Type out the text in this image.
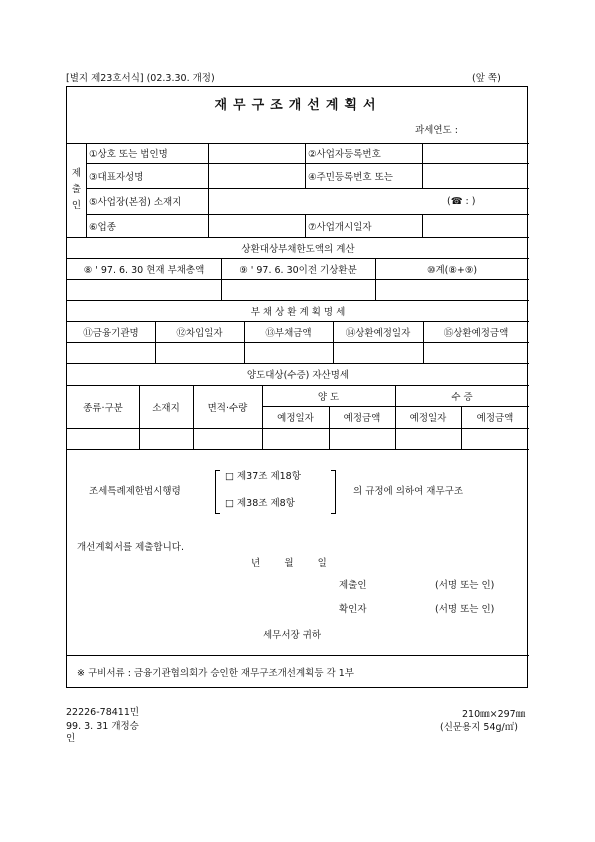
[별지 제23호서식] (02.3.30. 개정)	(앞 쪽)
재무구조개선계획서
과세연도 :
제출인
①상호 또는 법인명	②사업자등록번호
③대표자성명	④주민등록번호 또는
⑤사업장(본점) 소재지	(☎ : )
⑥업종	⑦사업개시일자
상환대상부채한도액의 계산
⑧ ' 97. 6. 30 현재 부채총액	⑨ ' 97. 6. 30이전 기상환분	⑩계(⑧+⑨)
부 채 상 환 계 획 명 세
⑪금융기관명	⑫차입일자	⑬부채금액	⑭상환예정일자	⑮상환예정금액
양도대상(수증) 자산명세
종류·구분	소재지	면적·수량
양 도	수 증
예정일자	예정금액	예정일자	예정금액
조세특례제한법시행령
□ 제37조 제18항
□ 제38조 제8항
의 규정에 의하여 재무구조
개선계획서를 제출합니다.
년        월        일
제출인	(서명 또는 인)
확인자	(서명 또는 인)
세무서장 귀하
※ 구비서류 : 금융기관협의회가 승인한 재무구조개선계획등 각 1부
22226-78411민
99. 3. 31 개정승인
210㎜×297㎜
(신문용지 54g/㎡)
